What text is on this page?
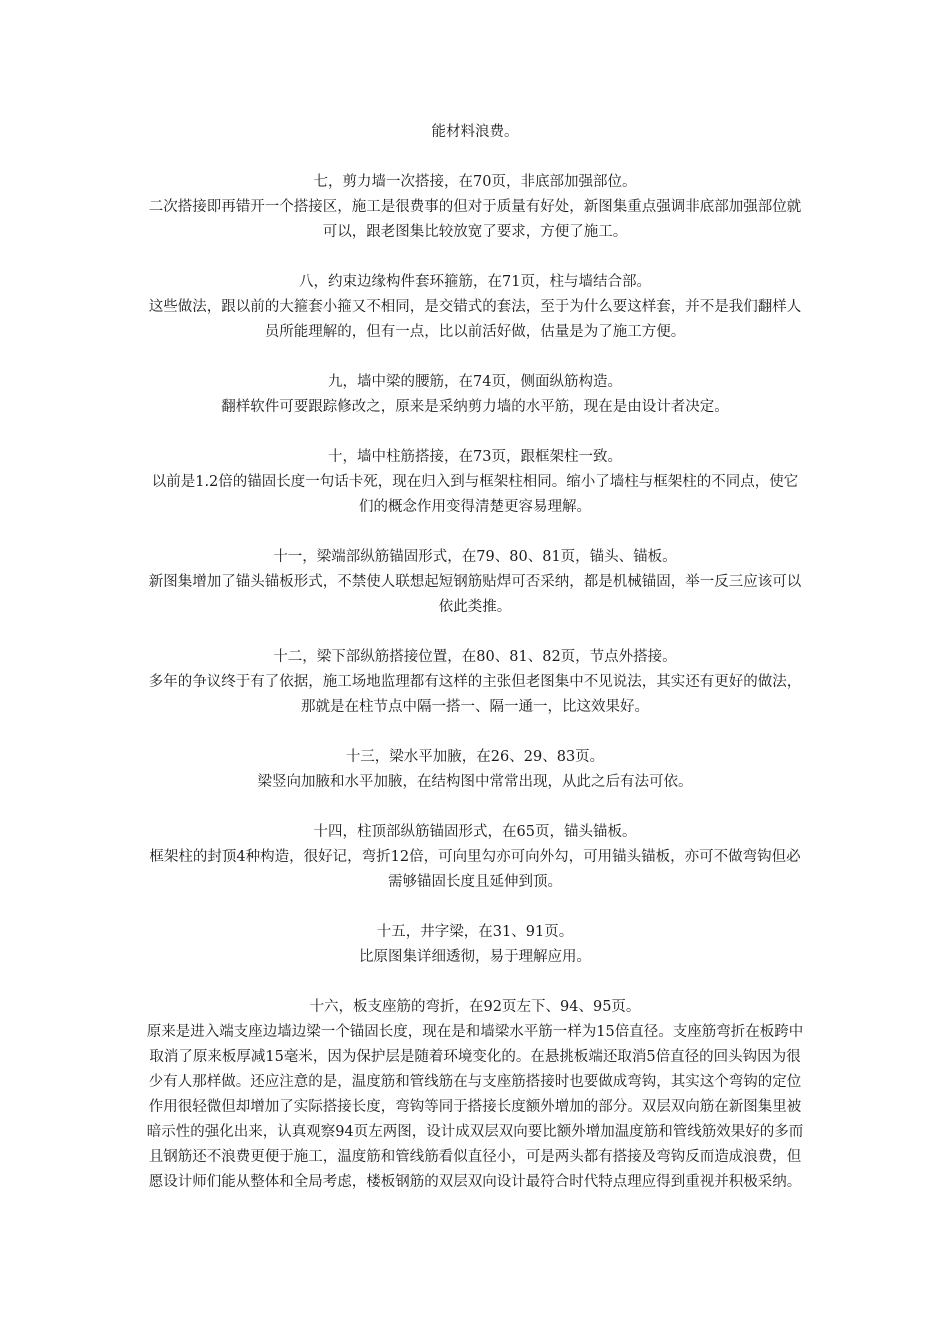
能材料浪费。

七，剪力墙一次搭接，在70页，非底部加强部位。

二次搭接即再错开一个搭接区，施工是很费事的但对于质量有好处，新图集重点强调非底部加强部位就可以，跟老图集比较放宽了要求，方便了施工。

八，约束边缘构件套环箍筋，在71页，柱与墙结合部。

这些做法，跟以前的大箍套小箍又不相同，是交错式的套法，至于为什么要这样套，并不是我们翻样人员所能理解的，但有一点，比以前活好做，估量是为了施工方便。

九，墙中梁的腰筋，在74页，侧面纵筋构造。

翻样软件可要跟踪修改之，原来是采纳剪力墙的水平筋，现在是由设计者决定。

十，墙中柱筋搭接，在73页，跟框架柱一致。

以前是1.2倍的锚固长度一句话卡死，现在归入到与框架柱相同。缩小了墙柱与框架柱的不同点，使它们的概念作用变得清楚更容易理解。

十一，梁端部纵筋锚固形式，在79、80、81页，锚头、锚板。

新图集增加了锚头锚板形式，不禁使人联想起短钢筋贴焊可否采纳，都是机械锚固，举一反三应该可以依此类推。

十二，梁下部纵筋搭接位置，在80、81、82页，节点外搭接。

多年的争议终于有了依据，施工场地监理都有这样的主张但老图集中不见说法，其实还有更好的做法，那就是在柱节点中隔一搭一、隔一通一，比这效果好。

十三，梁水平加腋，在26、29、83页。

梁竖向加腋和水平加腋，在结构图中常常出现，从此之后有法可依。

十四，柱顶部纵筋锚固形式，在65页，锚头锚板。

框架柱的封顶4种构造，很好记，弯折12倍，可向里勾亦可向外勾，可用锚头锚板，亦可不做弯钩但必需够锚固长度且延伸到顶。

十五，井字梁，在31、91页。

比原图集详细透彻，易于理解应用。

十六，板支座筋的弯折，在92页左下、94、95页。

原来是进入端支座边墙边梁一个锚固长度，现在是和墙梁水平筋一样为15倍直径。支座筋弯折在板跨中取消了原来板厚减15毫米，因为保护层是随着环境变化的。在悬挑板端还取消5倍直径的回头钩因为很少有人那样做。还应注意的是，温度筋和管线筋在与支座筋搭接时也要做成弯钩，其实这个弯钩的定位作用很轻微但却增加了实际搭接长度，弯钩等同于搭接长度额外增加的部分。双层双向筋在新图集里被暗示性的强化出来，认真观察94页左两图，设计成双层双向要比额外增加温度筋和管线筋效果好的多而且钢筋还不浪费更便于施工，温度筋和管线筋看似直径小，可是两头都有搭接及弯钩反而造成浪费，但愿设计师们能从整体和全局考虑，楼板钢筋的双层双向设计最符合时代特点理应得到重视并积极采纳。
